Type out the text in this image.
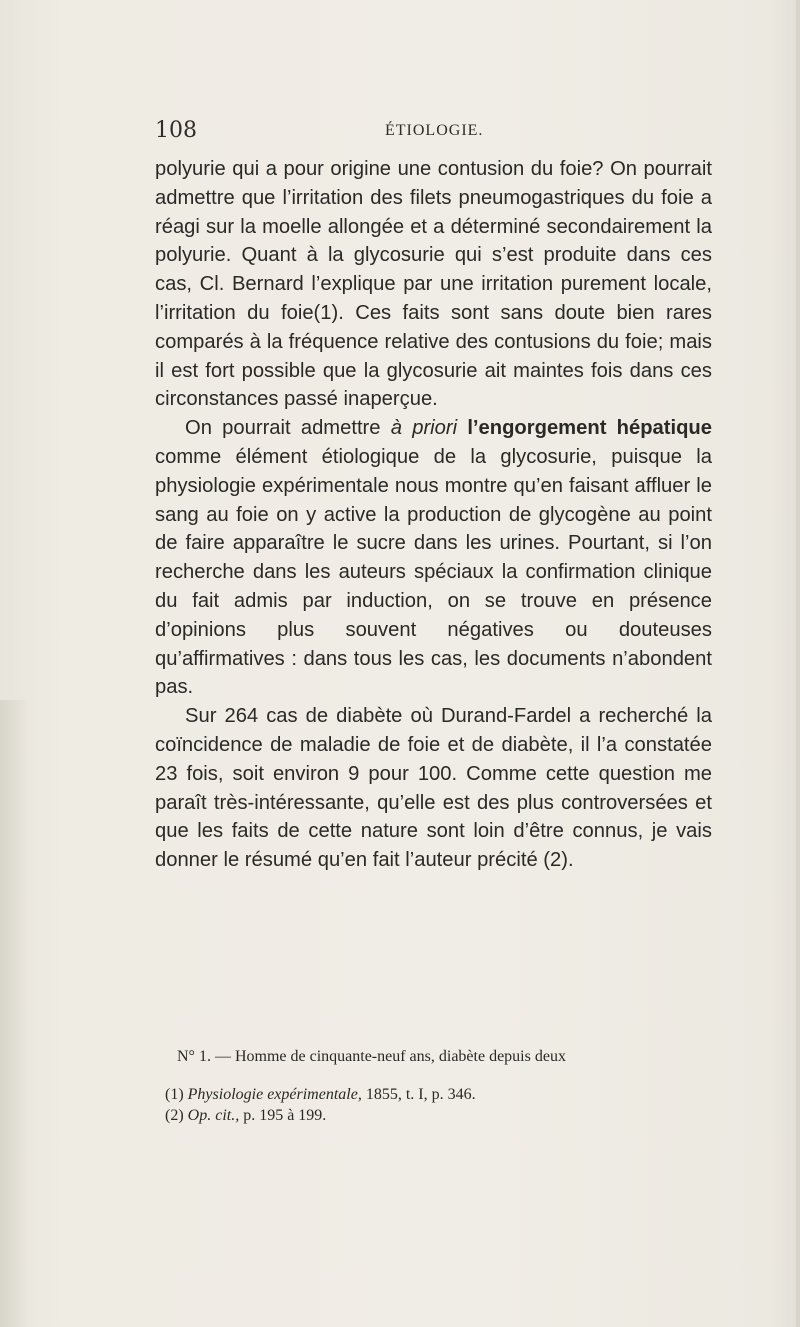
108	ÉTIOLOGIE.

polyurie qui a pour origine une contusion du foie? On pourrait admettre que l’irritation des filets pneumogastriques du foie a réagi sur la moelle allongée et a déterminé secondairement la polyurie. Quant à la glycosurie qui s’est produite dans ces cas, Cl. Bernard l’explique par une irritation purement locale, l’irritation du foie(1). Ces faits sont sans doute bien rares comparés à la fréquence relative des contusions du foie; mais il est fort possible que la glycosurie ait maintes fois dans ces circonstances passé inaperçue.

On pourrait admettre à priori l’engorgement hépatique comme élément étiologique de la glycosurie, puisque la physiologie expérimentale nous montre qu’en faisant affluer le sang au foie on y active la production de glycogène au point de faire apparaître le sucre dans les urines. Pourtant, si l’on recherche dans les auteurs spéciaux la confirmation clinique du fait admis par induction, on se trouve en présence d’opinions plus souvent négatives ou douteuses qu’affirmatives : dans tous les cas, les documents n’abondent pas.

Sur 264 cas de diabète où Durand-Fardel a recherché la coïncidence de maladie de foie et de diabète, il l’a constatée 23 fois, soit environ 9 pour 100. Comme cette question me paraît très-intéressante, qu’elle est des plus controversées et que les faits de cette nature sont loin d’être connus, je vais donner le résumé qu’en fait l’auteur précité (2).

N° 1. — Homme de cinquante-neuf ans, diabète depuis deux
(1) Physiologie expérimentale, 1855, t. I, p. 346.
(2) Op. cit., p. 195 à 199.
